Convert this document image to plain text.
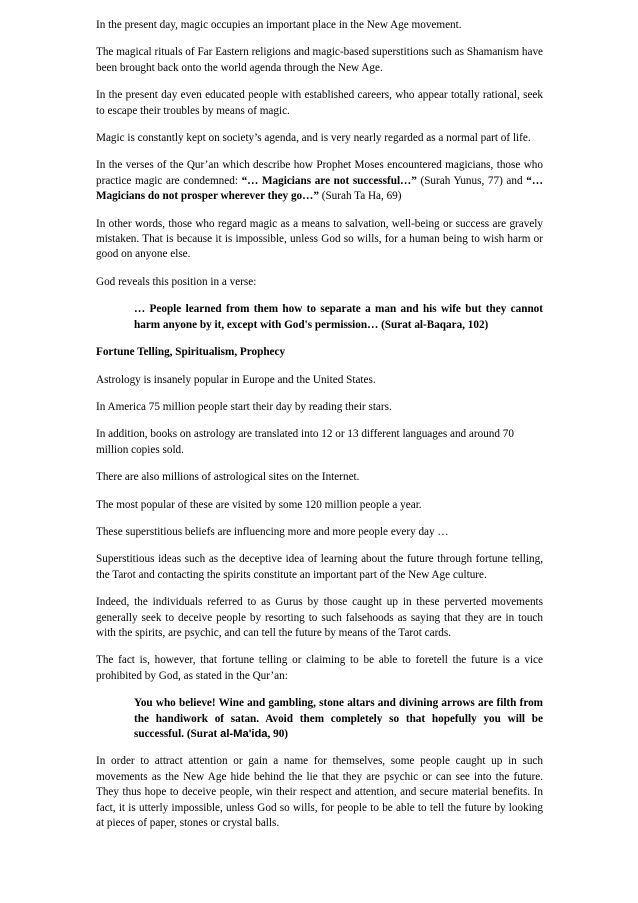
In the present day, magic occupies an important place in the New Age movement.

The magical rituals of Far Eastern religions and magic-based superstitions such as Shamanism have been brought back onto the world agenda through the New Age.

In the present day even educated people with established careers, who appear totally rational, seek to escape their troubles by means of magic.

Magic is constantly kept on society’s agenda, and is very nearly regarded as a normal part of life.

In the verses of the Qur’an which describe how Prophet Moses encountered magicians, those who practice magic are condemned: “… Magicians are not successful…” (Surah Yunus, 77) and “… Magicians do not prosper wherever they go…” (Surah Ta Ha, 69)

In other words, those who regard magic as a means to salvation, well-being or success are gravely mistaken. That is because it is impossible, unless God so wills, for a human being to wish harm or good on anyone else.

God reveals this position in a verse:

… People learned from them how to separate a man and his wife but they cannot harm anyone by it, except with God's permission… (Surat al-Baqara, 102)

Fortune Telling, Spiritualism, Prophecy

Astrology is insanely popular in Europe and the United States.

In America 75 million people start their day by reading their stars.

In addition, books on astrology are translated into 12 or 13 different languages and around 70 million copies sold.

There are also millions of astrological sites on the Internet.

The most popular of these are visited by some 120 million people a year.

These superstitious beliefs are influencing more and more people every day …

Superstitious ideas such as the deceptive idea of learning about the future through fortune telling, the Tarot and contacting the spirits constitute an important part of the New Age culture.

Indeed, the individuals referred to as Gurus by those caught up in these perverted movements generally seek to deceive people by resorting to such falsehoods as saying that they are in touch with the spirits, are psychic, and can tell the future by means of the Tarot cards.

The fact is, however, that fortune telling or claiming to be able to foretell the future is a vice prohibited by God, as stated in the Qur’an:

You who believe! Wine and gambling, stone altars and divining arrows are filth from the handiwork of satan. Avoid them completely so that hopefully you will be successful. (Surat al-Ma'ida, 90)

In order to attract attention or gain a name for themselves, some people caught up in such movements as the New Age hide behind the lie that they are psychic or can see into the future. They thus hope to deceive people, win their respect and attention, and secure material benefits. In fact, it is utterly impossible, unless God so wills, for people to be able to tell the future by looking at pieces of paper, stones or crystal balls.
